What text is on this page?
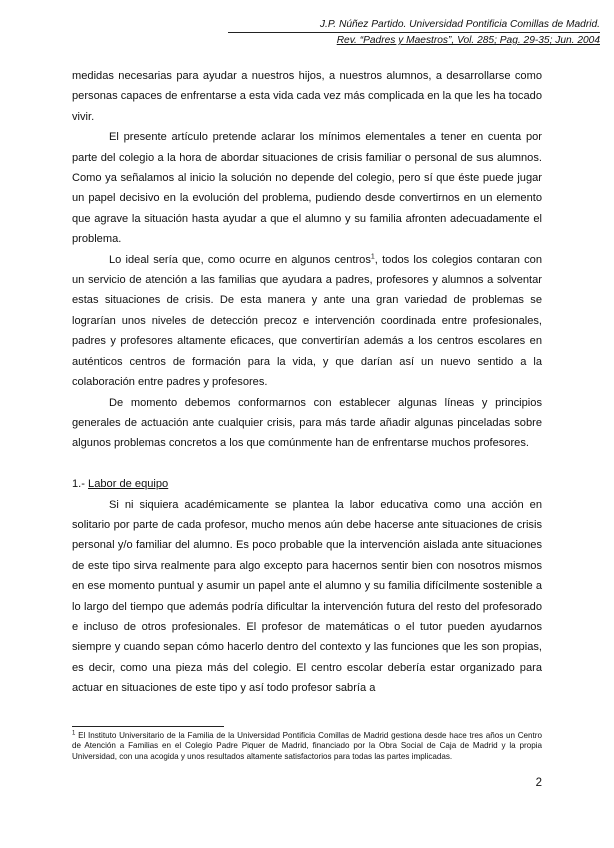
J.P. Núñez Partido. Universidad Pontificia Comillas de Madrid.
Rev. “Padres y Maestros”, Vol. 285; Pag. 29-35; Jun. 2004

medidas necesarias para ayudar a nuestros hijos, a nuestros alumnos, a desarrollarse como personas capaces de enfrentarse a esta vida cada vez más complicada en la que les ha tocado vivir.

El presente artículo pretende aclarar los mínimos elementales a tener en cuenta por parte del colegio a la hora de abordar situaciones de crisis familiar o personal de sus alumnos. Como ya señalamos al inicio la solución no depende del colegio, pero sí que éste puede jugar un papel decisivo en la evolución del problema, pudiendo desde convertirnos en un elemento que agrave la situación hasta ayudar a que el alumno y su familia afronten adecuadamente el problema.

Lo ideal sería que, como ocurre en algunos centros$^1$, todos los colegios contaran con un servicio de atención a las familias que ayudara a padres, profesores y alumnos a solventar estas situaciones de crisis. De esta manera y ante una gran variedad de problemas se lograrían unos niveles de detección precoz e intervención coordinada entre profesionales, padres y profesores altamente eficaces, que convertirían además a los centros escolares en auténticos centros de formación para la vida, y que darían así un nuevo sentido a la colaboración entre padres y profesores.

De momento debemos conformarnos con establecer algunas líneas y principios generales de actuación ante cualquier crisis, para más tarde añadir algunas pinceladas sobre algunos problemas concretos a los que comúnmente han de enfrentarse muchos profesores.

1.- Labor de equipo

Si ni siquiera académicamente se plantea la labor educativa como una acción en solitario por parte de cada profesor, mucho menos aún debe hacerse ante situaciones de crisis personal y/o familiar del alumno. Es poco probable que la intervención aislada ante situaciones de este tipo sirva realmente para algo excepto para hacernos sentir bien con nosotros mismos en ese momento puntual y asumir un papel ante el alumno y su familia difícilmente sostenible a lo largo del tiempo que además podría dificultar la intervención futura del resto del profesorado e incluso de otros profesionales. El profesor de matemáticas o el tutor pueden ayudarnos siempre y cuando sepan cómo hacerlo dentro del contexto y las funciones que les son propias, es decir, como una pieza más del colegio. El centro escolar debería estar organizado para actuar en situaciones de este tipo y así todo profesor sabría a

$^1$ El Instituto Universitario de la Familia de la Universidad Pontificia Comillas de Madrid gestiona desde hace tres años un Centro de Atención a Familias en el Colegio Padre Piquer de Madrid, financiado por la Obra Social de Caja de Madrid y la propia Universidad, con una acogida y unos resultados altamente satisfactorios para todas las partes implicadas.
2
